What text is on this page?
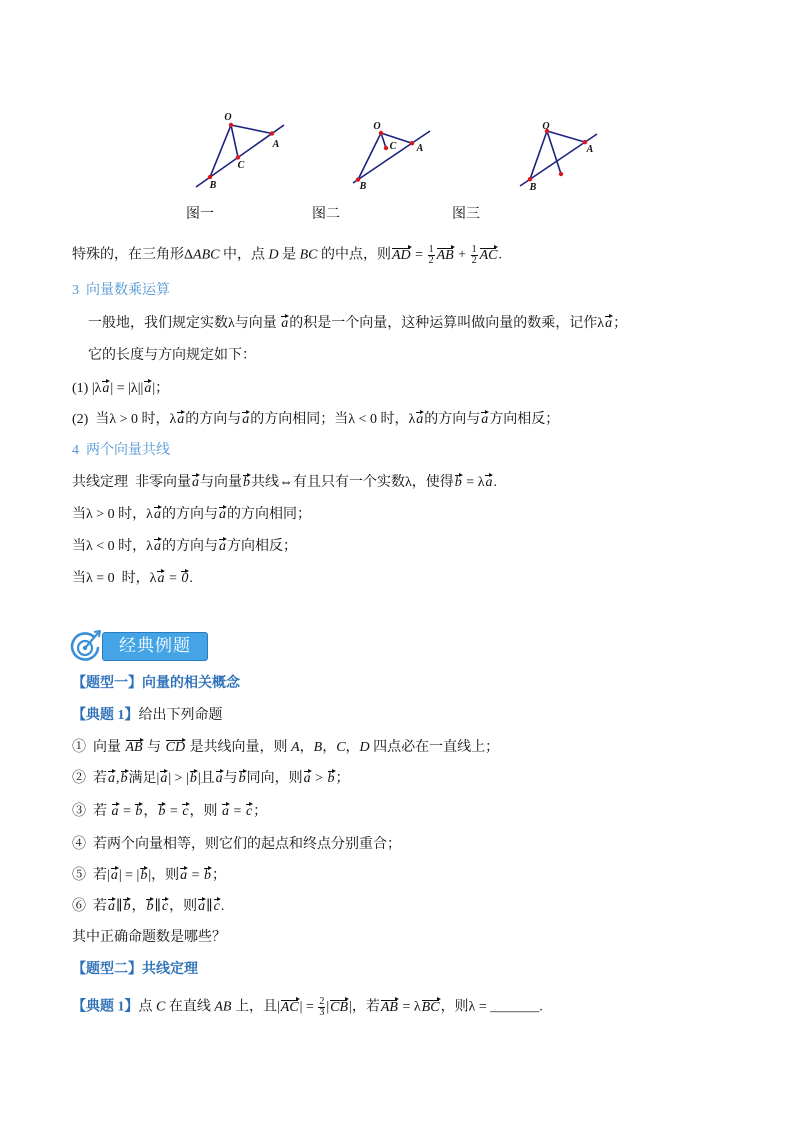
O
A
B
C
O
A
B
C
O
A
B

图一	图二	图三

特殊的，在三角形ΔABC 中，点 D 是 BC 的中点，则AD = $\frac{1}{2}$ AB + $\frac{1}{2}$ AC.

3  向量数乘运算

一般地，我们规定实数λ与向量 a的积是一个向量，这种运算叫做向量的数乘，记作λa；

它的长度与方向规定如下：

(1) |λa| = |λ||a|；

(2)  当λ > 0 时，λa的方向与a的方向相同；当λ < 0 时，λa的方向与a方向相反；

4  两个向量共线

共线定理  非零向量a与向量b共线⇔有且只有一个实数λ，使得b = λa.

当λ > 0 时，λa的方向与a的方向相同；

当λ < 0 时，λa的方向与a方向相反；

当λ = 0  时，λa = 0.

经典例题

【题型一】向量的相关概念

【典题 1】给出下列命题

①  向量 AB 与 CD 是共线向量，则 A，B，C，D 四点必在一直线上；

②  若a,b满足|a| > |b|且a与b同向，则a > b；

③  若 a = b，b = c，则 a = c；

④  若两个向量相等，则它们的起点和终点分别重合；

⑤  若|a| = |b|，则a = b；

⑥  若a∥b，b∥c，则a∥c.

其中正确命题数是哪些？

【题型二】共线定理

【典题 1】点 C 在直线 AB 上，且$|AC| = \frac{2}{3} |CB|$，若AB = λBC，则λ = _______.
